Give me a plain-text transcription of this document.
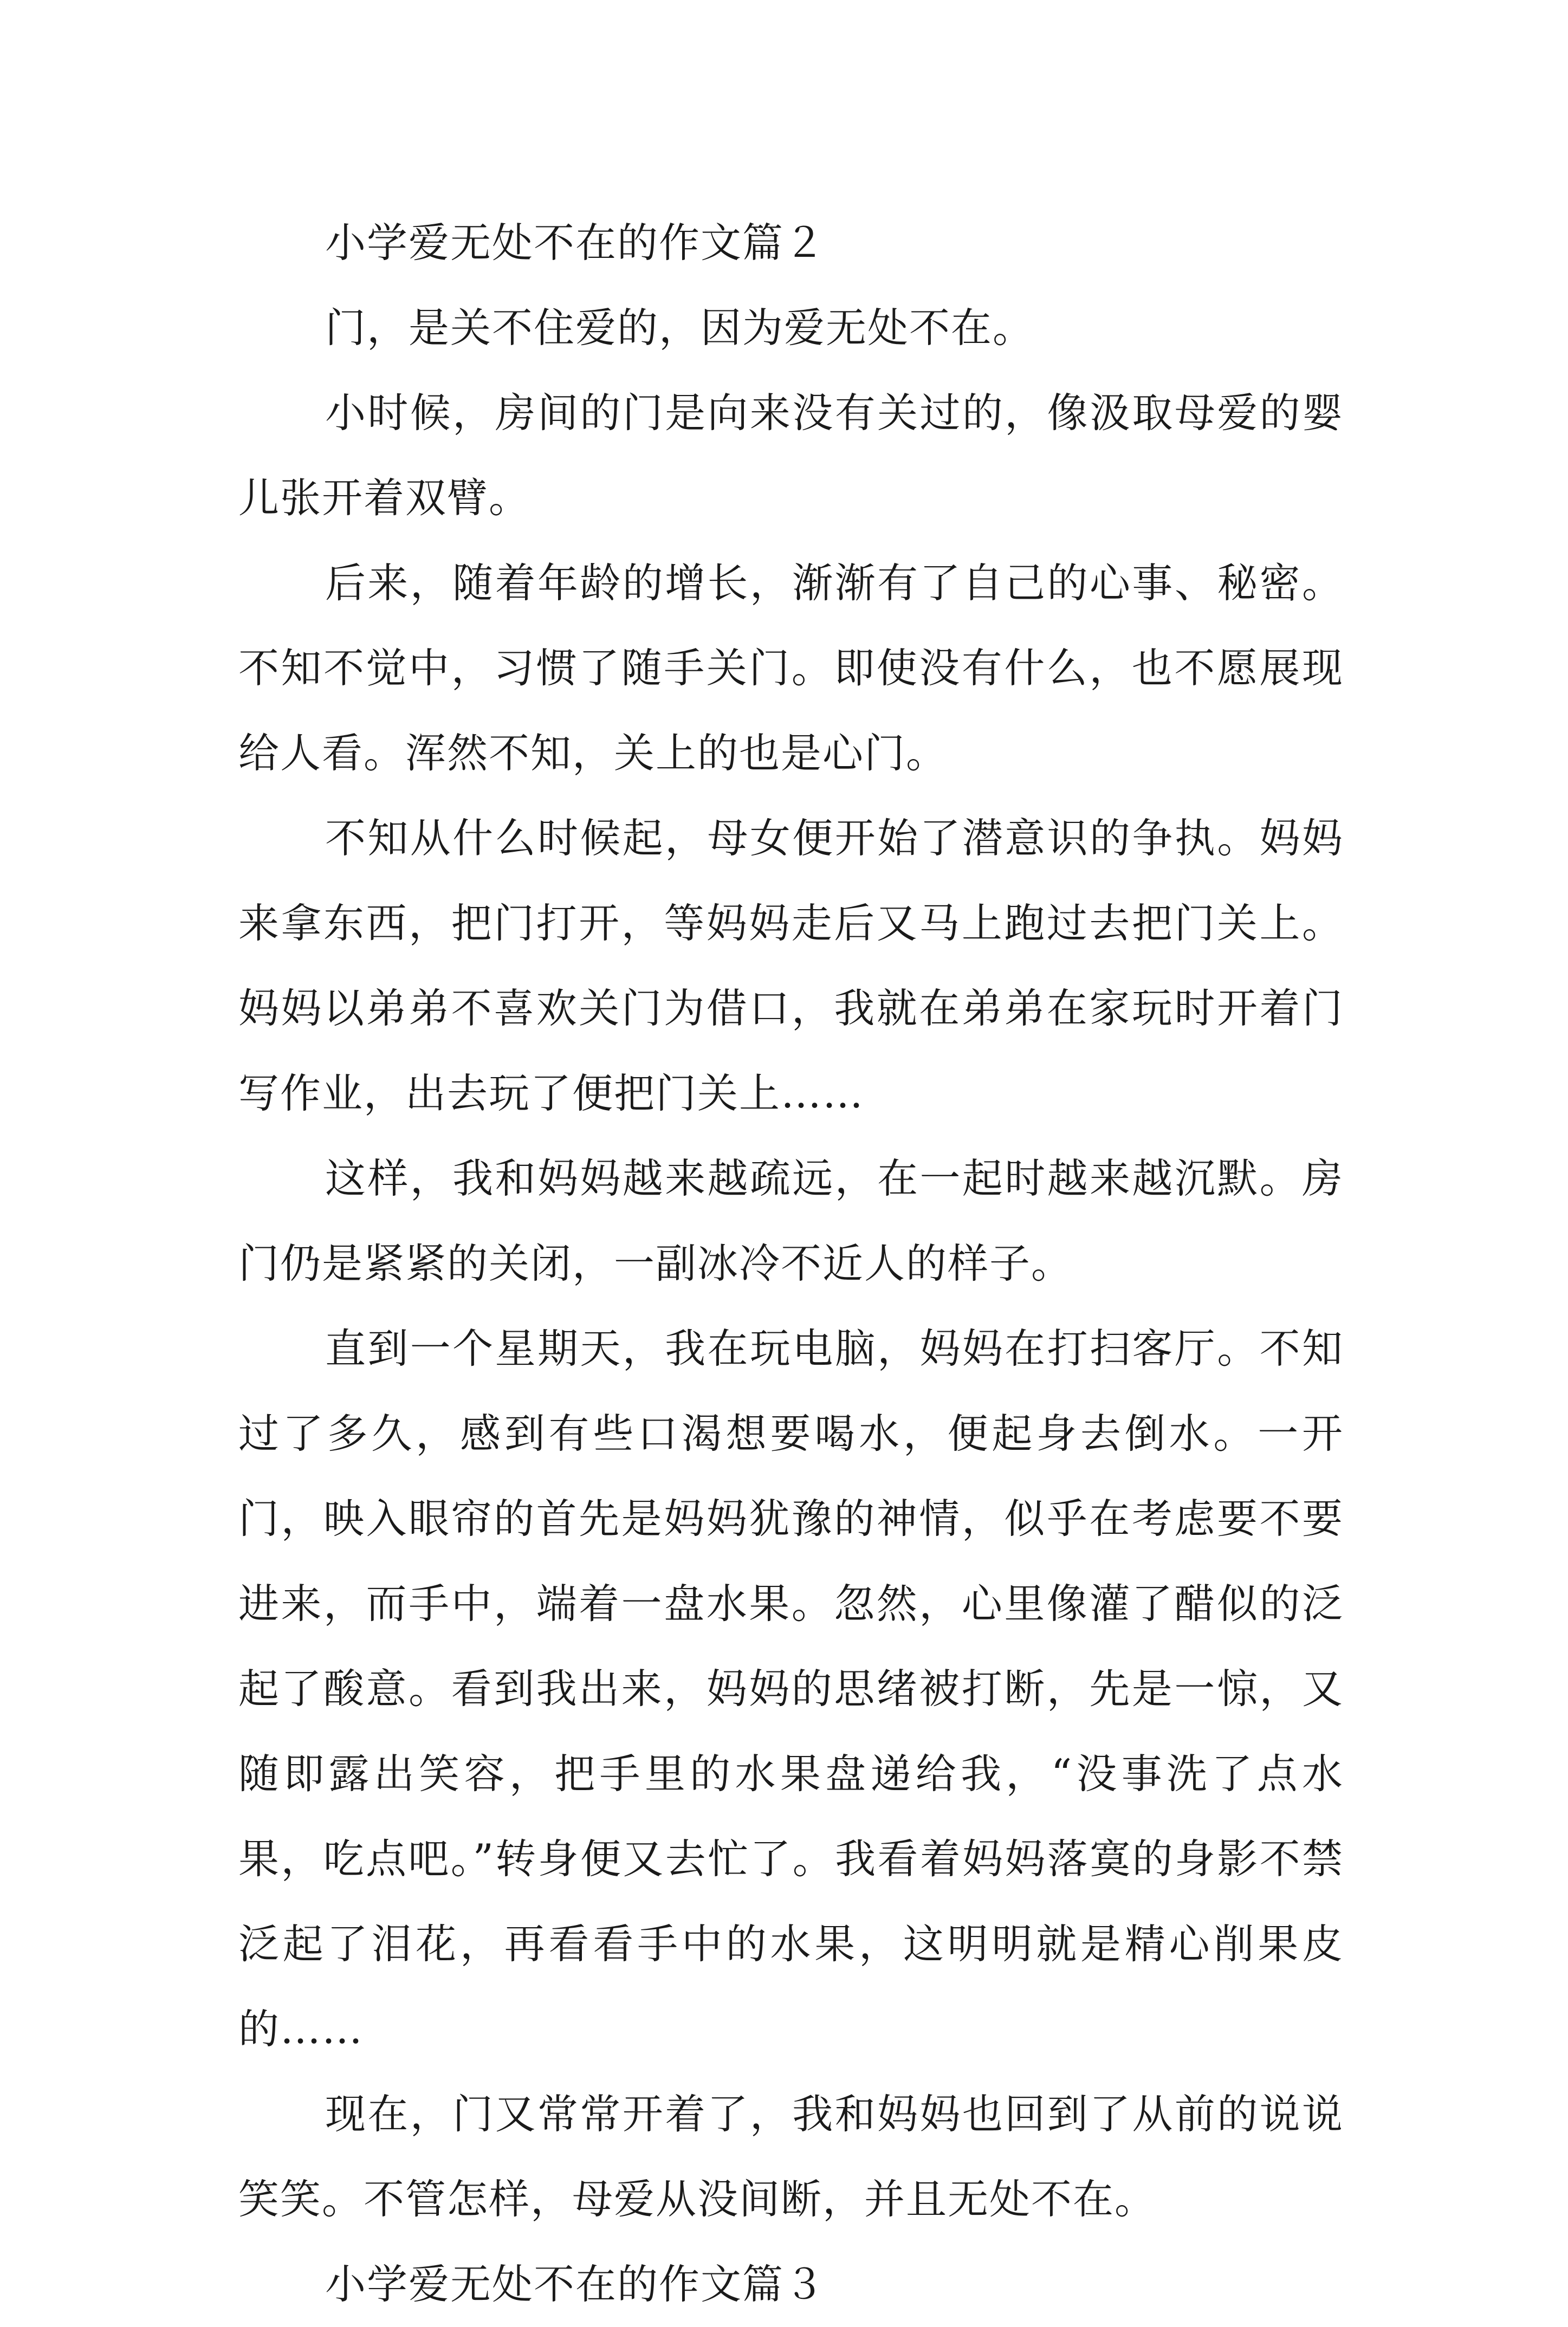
小学爱无处不在的作文篇２

门，是关不住爱的，因为爱无处不在。

小时候，房间的门是向来没有关过的，像汲取母爱的婴儿张开着双臂。

后来，随着年龄的增长，渐渐有了自己的心事、秘密。不知不觉中，习惯了随手关门。即使没有什么，也不愿展现给人看。浑然不知，关上的也是心门。

不知从什么时候起，母女便开始了潜意识的争执。妈妈来拿东西，把门打开，等妈妈走后又马上跑过去把门关上。妈妈以弟弟不喜欢关门为借口，我就在弟弟在家玩时开着门写作业，出去玩了便把门关上……

这样，我和妈妈越来越疏远，在一起时越来越沉默。房门仍是紧紧的关闭，一副冰冷不近人的样子。

直到一个星期天，我在玩电脑，妈妈在打扫客厅。不知过了多久，感到有些口渴想要喝水，便起身去倒水。一开门，映入眼帘的首先是妈妈犹豫的神情，似乎在考虑要不要进来，而手中，端着一盘水果。忽然，心里像灌了醋似的泛起了酸意。看到我出来，妈妈的思绪被打断，先是一惊，又随即露出笑容，把手里的水果盘递给我，“没事洗了点水果，吃点吧。”转身便又去忙了。我看着妈妈落寞的身影不禁泛起了泪花，再看看手中的水果，这明明就是精心削果皮的……

现在，门又常常开着了，我和妈妈也回到了从前的说说笑笑。不管怎样，母爱从没间断，并且无处不在。

小学爱无处不在的作文篇３
